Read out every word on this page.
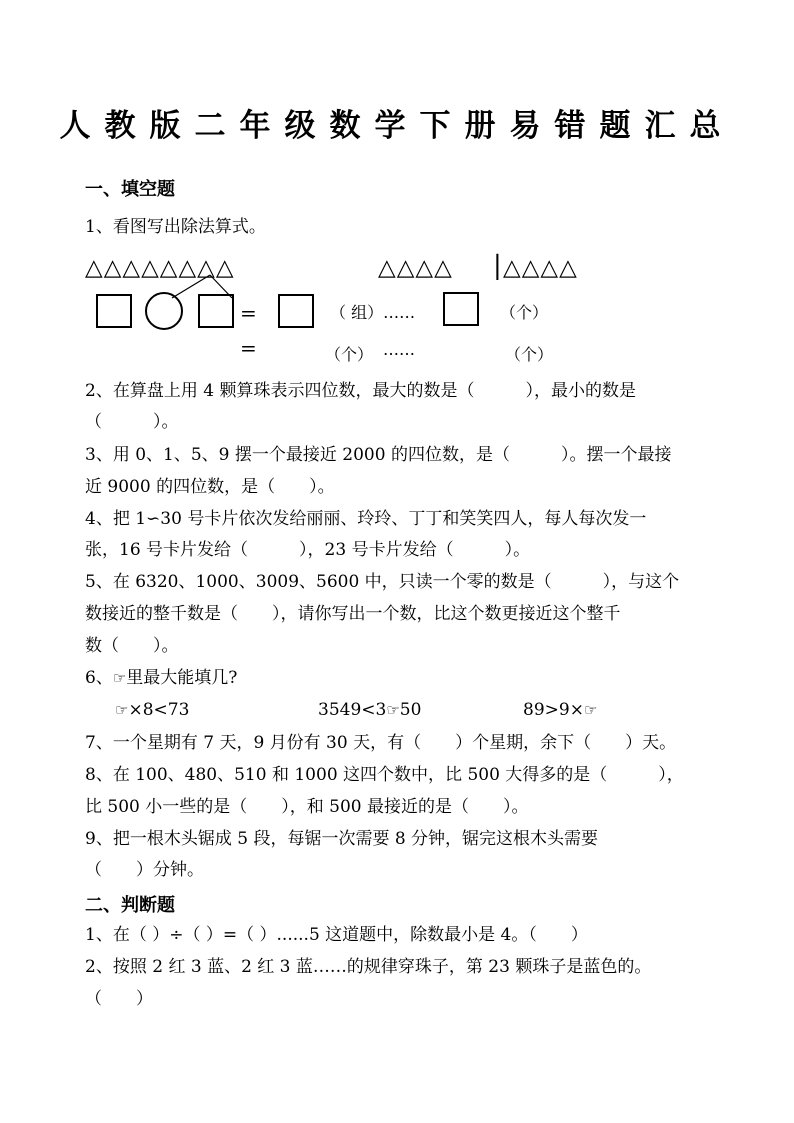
人教版二年级数学下册易错题汇总
一、填空题
1、看图写出除法算式。
△△△△△△△△	△△△△ | △△△△
=	（ 组）……	（个）
=	（个） ……	（个）
2、在算盘上用 4 颗算珠表示四位数，最大的数是（　　　），最小的数是
（　　　）。
3、用 0、1、5、9 摆一个最接近 2000 的四位数，是（　　　）。摆一个最接
近 9000 的四位数，是（　　）。
4、把 1∽30 号卡片依次发给丽丽、玲玲、丁丁和笑笑四人，每人每次发一
张，16 号卡片发给（　　　），23 号卡片发给（　　　）。
5、在 6320、1000、3009、5600 中，只读一个零的数是（　　　），与这个
数接近的整千数是（　　），请你写出一个数，比这个数更接近这个整千
数（　　）。
6、☞里最大能填几?
☞×8<73	3549<3☞50	89>9×☞
7、一个星期有 7 天，9 月份有 30 天，有（　　）个星期，余下（　　）天。
8、在 100、480、510 和 1000 这四个数中，比 500 大得多的是（　　　），
比 500 小一些的是（　　），和 500 最接近的是（　　）。
9、把一根木头锯成 5 段，每锯一次需要 8 分钟，锯完这根木头需要
（　　）分钟。
二、判断题
1、在（ ）÷（ ）=（ ）......5 这道题中，除数最小是 4。（　　）
2、按照 2 红 3 蓝、2 红 3 蓝……的规律穿珠子，第 23 颗珠子是蓝色的。
（　　）
